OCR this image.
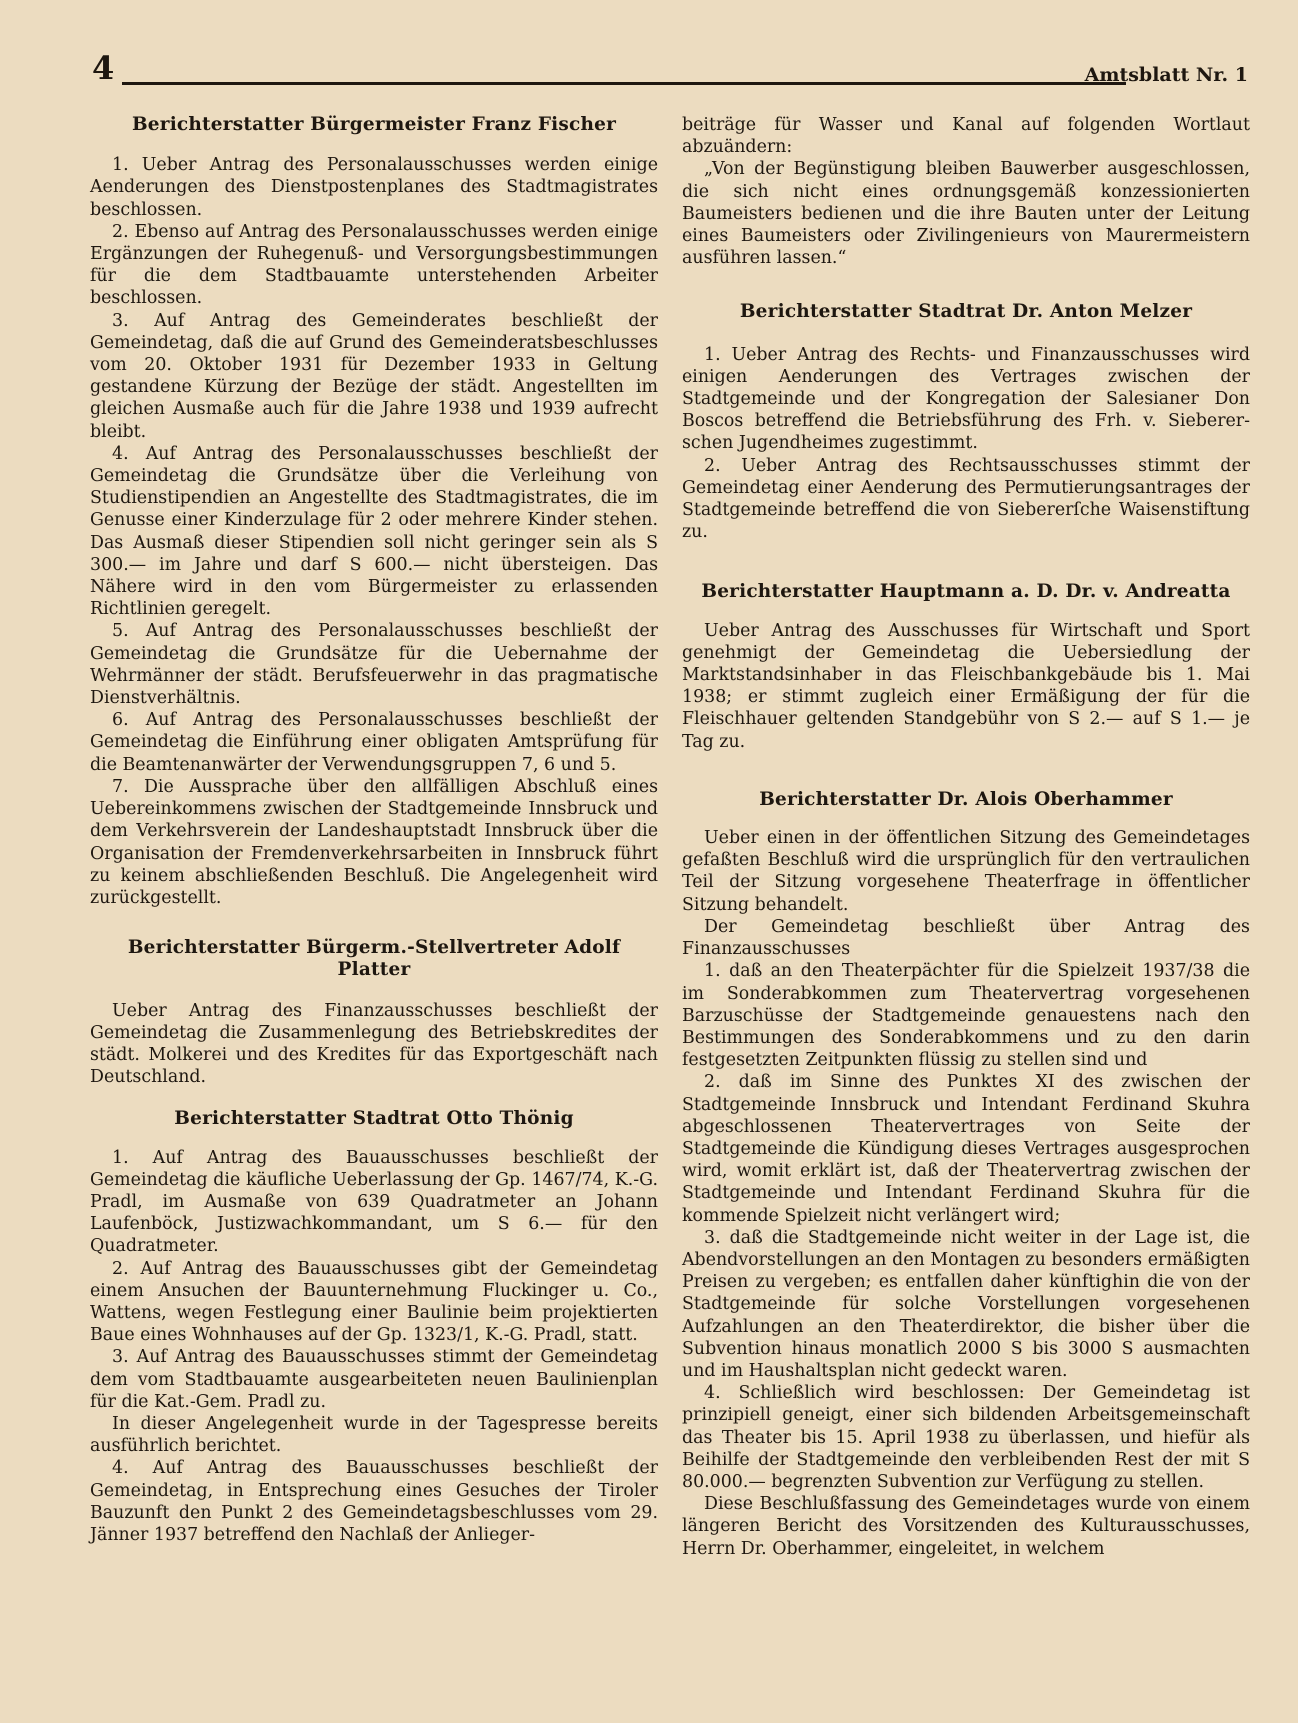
4	Amtsblatt Nr. 1
Berichterstatter Bürgermeister Franz Fischer

1. Ueber Antrag des Personalausschusses werden einige Aenderungen des Dienstpostenplanes des Stadtmagistrates beschlossen.

2. Ebenso auf Antrag des Personalausschusses werden einige Ergänzungen der Ruhegenuß- und Versorgungsbestimmungen für die dem Stadtbauamte unterstehenden Arbeiter beschlossen.

3. Auf Antrag des Gemeinderates beschließt der Gemeindetag, daß die auf Grund des Gemeinderatsbeschlusses vom 20. Oktober 1931 für Dezember 1933 in Geltung gestandene Kürzung der Bezüge der städt. Angestellten im gleichen Ausmaße auch für die Jahre 1938 und 1939 aufrecht bleibt.

4. Auf Antrag des Personalausschusses beschließt der Gemeindetag die Grundsätze über die Verleihung von Studienstipendien an Angestellte des Stadtmagistrates, die im Genusse einer Kinderzulage für 2 oder mehrere Kinder stehen. Das Ausmaß dieser Stipendien soll nicht geringer sein als S 300.— im Jahre und darf S 600.— nicht übersteigen. Das Nähere wird in den vom Bürgermeister zu erlassenden Richtlinien geregelt.

5. Auf Antrag des Personalausschusses beschließt der Gemeindetag die Grundsätze für die Uebernahme der Wehrmänner der städt. Berufsfeuerwehr in das pragmatische Dienstverhältnis.

6. Auf Antrag des Personalausschusses beschließt der Gemeindetag die Einführung einer obligaten Amtsprüfung für die Beamtenanwärter der Verwendungsgruppen 7, 6 und 5.

7. Die Aussprache über den allfälligen Abschluß eines Uebereinkommens zwischen der Stadtgemeinde Innsbruck und dem Verkehrsverein der Landeshauptstadt Innsbruck über die Organisation der Fremdenverkehrsarbeiten in Innsbruck führt zu keinem abschließenden Beschluß. Die Angelegenheit wird zurückgestellt.

Berichterstatter Bürgerm.-Stellvertreter Adolf Platter

Ueber Antrag des Finanzausschusses beschließt der Gemeindetag die Zusammenlegung des Betriebskredites der städt. Molkerei und des Kredites für das Exportgeschäft nach Deutschland.

Berichterstatter Stadtrat Otto Thönig

1. Auf Antrag des Bauausschusses beschließt der Gemeindetag die käufliche Ueberlassung der Gp. 1467/74, K.-G. Pradl, im Ausmaße von 639 Quadratmeter an Johann Laufenböck, Justizwachkommandant, um S 6.— für den Quadratmeter.

2. Auf Antrag des Bauausschusses gibt der Gemeindetag einem Ansuchen der Bauunternehmung Fluckinger u. Co., Wattens, wegen Festlegung einer Baulinie beim projektierten Baue eines Wohnhauses auf der Gp. 1323/1, K.-G. Pradl, statt.

3. Auf Antrag des Bauausschusses stimmt der Gemeindetag dem vom Stadtbauamte ausgearbeiteten neuen Baulinienplan für die Kat.-Gem. Pradl zu.

In dieser Angelegenheit wurde in der Tagespresse bereits ausführlich berichtet.

4. Auf Antrag des Bauausschusses beschließt der Gemeindetag, in Entsprechung eines Gesuches der Tiroler Bauzunft den Punkt 2 des Gemeindetagsbeschlusses vom 29. Jänner 1937 betreffend den Nachlaß der Anlieger-

beiträge für Wasser und Kanal auf folgenden Wortlaut abzuändern:

„Von der Begünstigung bleiben Bauwerber ausgeschlossen, die sich nicht eines ordnungsgemäß konzessionierten Baumeisters bedienen und die ihre Bauten unter der Leitung eines Baumeisters oder Zivilingenieurs von Maurermeistern ausführen lassen.“

Berichterstatter Stadtrat Dr. Anton Melzer

1. Ueber Antrag des Rechts- und Finanzausschusses wird einigen Aenderungen des Vertrages zwischen der Stadtgemeinde und der Kongregation der Salesianer Don Boscos betreffend die Betriebsführung des Frh. v. Siebererschen Jugendheimes zugestimmt.

2. Ueber Antrag des Rechtsausschusses stimmt der Gemeindetag einer Aenderung des Permutierungsantrages der Stadtgemeinde betreffend die von Siebererſche Waisenstiftung zu.

Berichterstatter Hauptmann a. D. Dr. v. Andreatta

Ueber Antrag des Ausschusses für Wirtschaft und Sport genehmigt der Gemeindetag die Uebersiedlung der Marktstandsinhaber in das Fleischbankgebäude bis 1. Mai 1938; er stimmt zugleich einer Ermäßigung der für die Fleischhauer geltenden Standgebühr von S 2.— auf S 1.— je Tag zu.

Berichterstatter Dr. Alois Oberhammer

Ueber einen in der öffentlichen Sitzung des Gemeindetages gefaßten Beschluß wird die ursprünglich für den vertraulichen Teil der Sitzung vorgesehene Theaterfrage in öffentlicher Sitzung behandelt.

Der Gemeindetag beschließt über Antrag des Finanzausschusses

1. daß an den Theaterpächter für die Spielzeit 1937/38 die im Sonderabkommen zum Theatervertrag vorgesehenen Barzuschüsse der Stadtgemeinde genauestens nach den Bestimmungen des Sonderabkommens und zu den darin festgesetzten Zeitpunkten flüssig zu stellen sind und

2. daß im Sinne des Punktes XI des zwischen der Stadtgemeinde Innsbruck und Intendant Ferdinand Skuhra abgeschlossenen Theatervertrages von Seite der Stadtgemeinde die Kündigung dieses Vertrages ausgesprochen wird, womit erklärt ist, daß der Theatervertrag zwischen der Stadtgemeinde und Intendant Ferdinand Skuhra für die kommende Spielzeit nicht verlängert wird;

3. daß die Stadtgemeinde nicht weiter in der Lage ist, die Abendvorstellungen an den Montagen zu besonders ermäßigten Preisen zu vergeben; es entfallen daher künftighin die von der Stadtgemeinde für solche Vorstellungen vorgesehenen Aufzahlungen an den Theaterdirektor, die bisher über die Subvention hinaus monatlich 2000 S bis 3000 S ausmachten und im Haushaltsplan nicht gedeckt waren.

4. Schließlich wird beschlossen: Der Gemeindetag ist prinzipiell geneigt, einer sich bildenden Arbeitsgemeinschaft das Theater bis 15. April 1938 zu überlassen, und hiefür als Beihilfe der Stadtgemeinde den verbleibenden Rest der mit S 80.000.— begrenzten Subvention zur Verfügung zu stellen.

Diese Beschlußfassung des Gemeindetages wurde von einem längeren Bericht des Vorsitzenden des Kulturausschusses, Herrn Dr. Oberhammer, eingeleitet, in welchem
